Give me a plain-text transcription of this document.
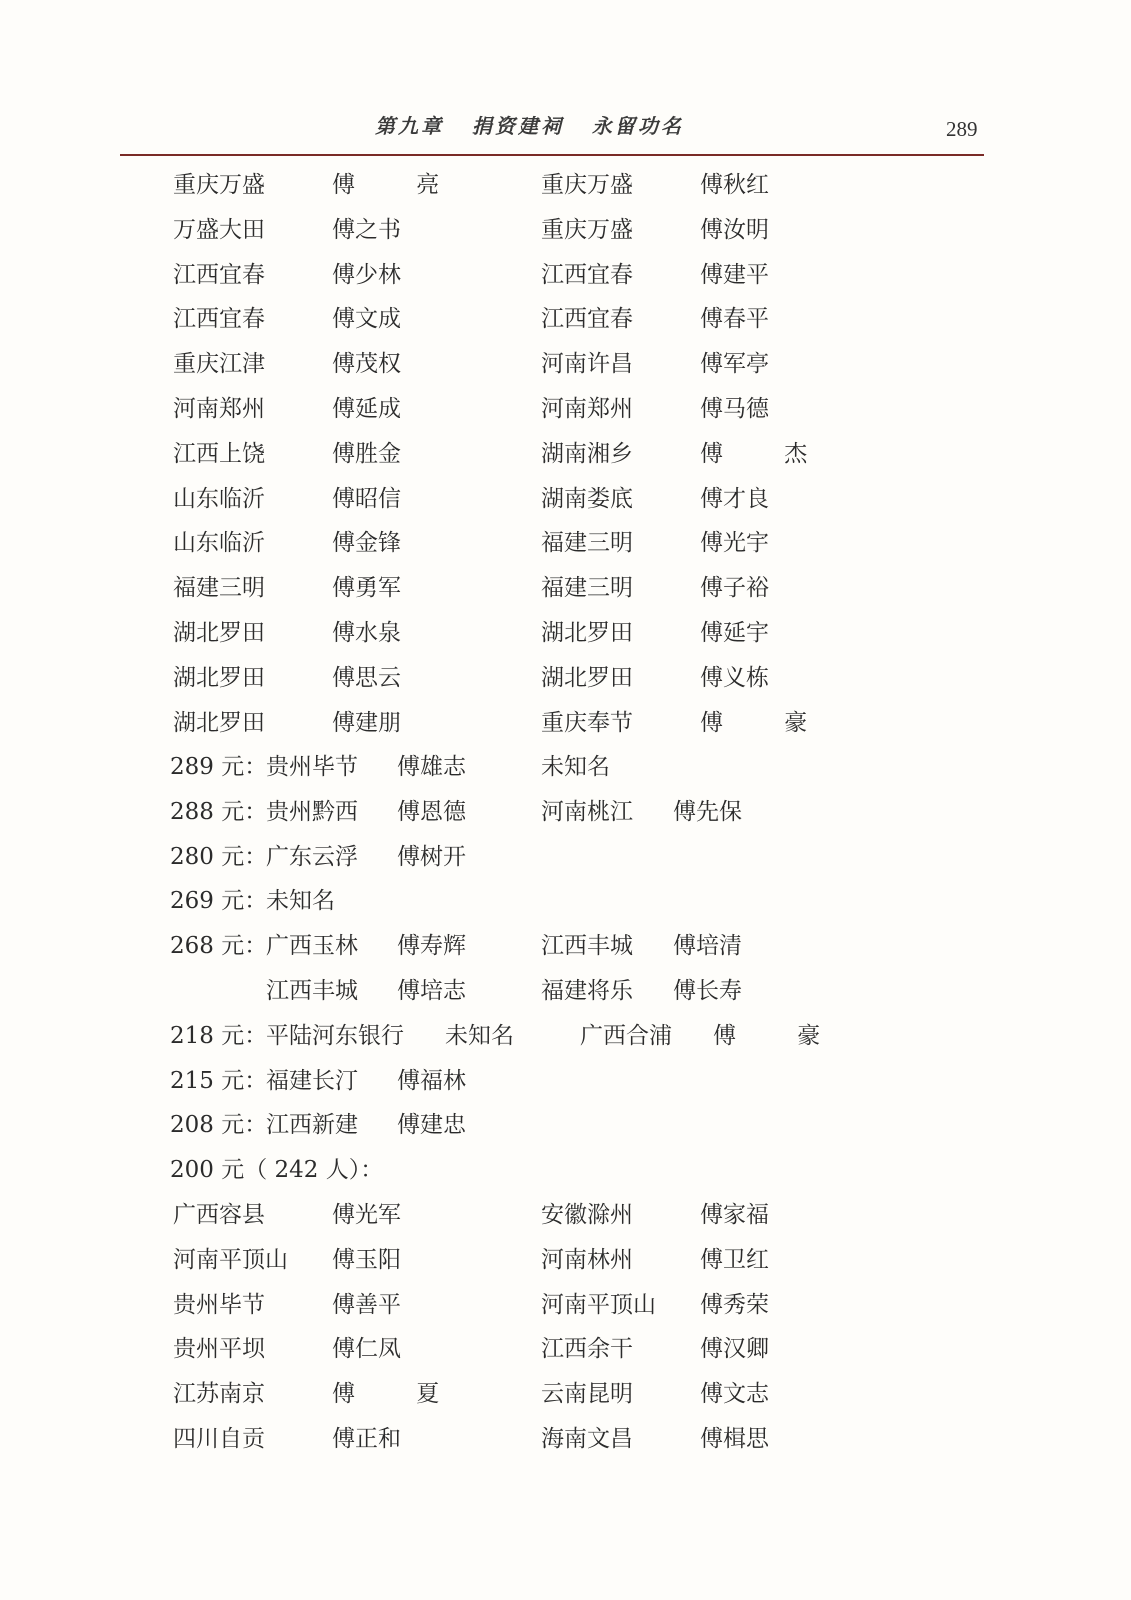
第九章 捐资建祠 永留功名	289
重庆万盛	傅 亮	重庆万盛	傅秋红
万盛大田	傅之书	重庆万盛	傅汝明
江西宜春	傅少林	江西宜春	傅建平
江西宜春	傅文成	江西宜春	傅春平
重庆江津	傅茂权	河南许昌	傅军亭
河南郑州	傅延成	河南郑州	傅马德
江西上饶	傅胜金	湖南湘乡	傅 杰
山东临沂	傅昭信	湖南娄底	傅才良
山东临沂	傅金锋	福建三明	傅光宇
福建三明	傅勇军	福建三明	傅子裕
湖北罗田	傅水泉	湖北罗田	傅延宇
湖北罗田	傅思云	湖北罗田	傅义栋
湖北罗田	傅建朋	重庆奉节	傅 豪
289 元：
贵州毕节 傅雄志	未知名
288 元：
贵州黔西 傅恩德	河南桃江 傅先保
280 元：
广东云浮 傅树开
269 元：
未知名
268 元：
广西玉林 傅寿辉	江西丰城 傅培清
江西丰城 傅培志	福建将乐 傅长寿
218 元：
平陆河东银行 未知名	广西合浦 傅 豪
215 元：
福建长汀 傅福林
208 元：
江西新建 傅建忠
200 元（ 242 人）：
广西容县	傅光军	安徽滁州	傅家福
河南平顶山 傅玉阳	河南林州	傅卫红
贵州毕节	傅善平	河南平顶山 傅秀荣
贵州平坝	傅仁凤	江西余干	傅汉卿
江苏南京	傅 夏	云南昆明	傅文志
四川自贡	傅正和	海南文昌	傅楫思
